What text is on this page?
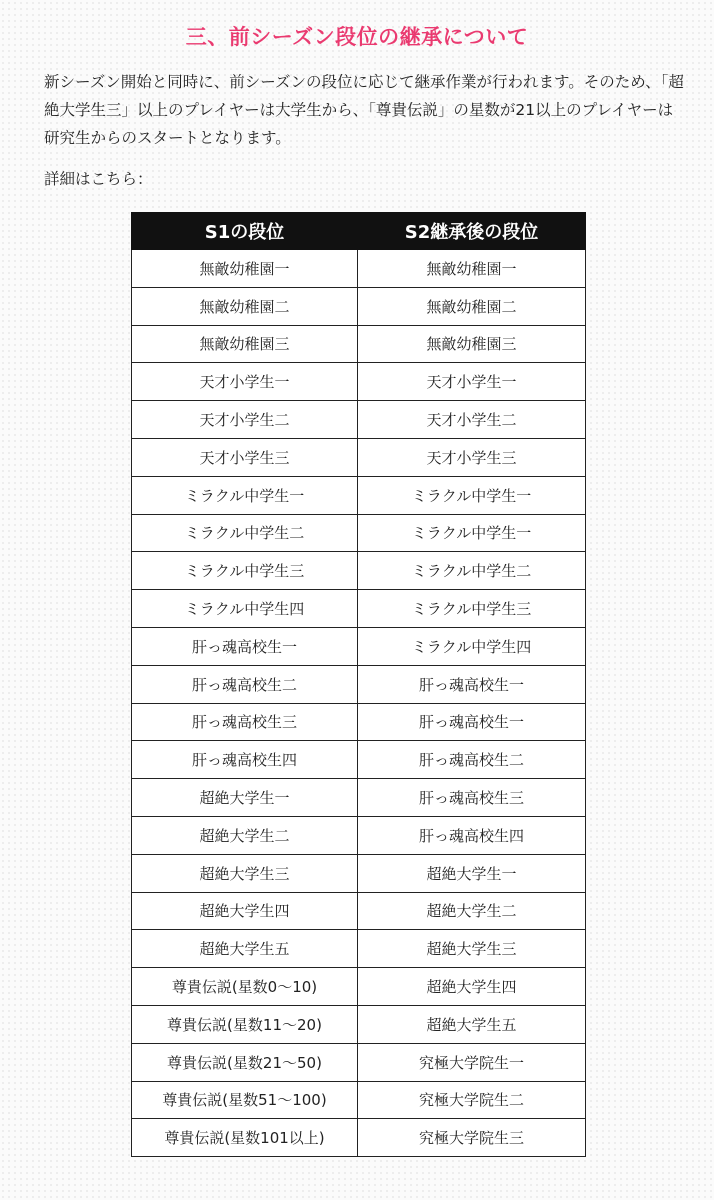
三、前シーズン段位の継承について

新シーズン開始と同時に、前シーズンの段位に応じて継承作業が行われます。そのため、「超絶大学生三」以上のプレイヤーは大学生から、「尊貴伝説」の星数が21以上のプレイヤーは研究生からのスタートとなります。

詳細はこちら：

S1の段位	S2継承後の段位
無敵幼稚園一	無敵幼稚園一
無敵幼稚園二	無敵幼稚園二
無敵幼稚園三	無敵幼稚園三
天才小学生一	天才小学生一
天才小学生二	天才小学生二
天才小学生三	天才小学生三
ミラクル中学生一	ミラクル中学生一
ミラクル中学生二	ミラクル中学生一
ミラクル中学生三	ミラクル中学生二
ミラクル中学生四	ミラクル中学生三
肝っ魂高校生一	ミラクル中学生四
肝っ魂高校生二	肝っ魂高校生一
肝っ魂高校生三	肝っ魂高校生一
肝っ魂高校生四	肝っ魂高校生二
超絶大学生一	肝っ魂高校生三
超絶大学生二	肝っ魂高校生四
超絶大学生三	超絶大学生一
超絶大学生四	超絶大学生二
超絶大学生五	超絶大学生三
尊貴伝説(星数0〜10)	超絶大学生四
尊貴伝説(星数11〜20)	超絶大学生五
尊貴伝説(星数21〜50)	究極大学院生一
尊貴伝説(星数51〜100)	究極大学院生二
尊貴伝説(星数101以上)	究極大学院生三
